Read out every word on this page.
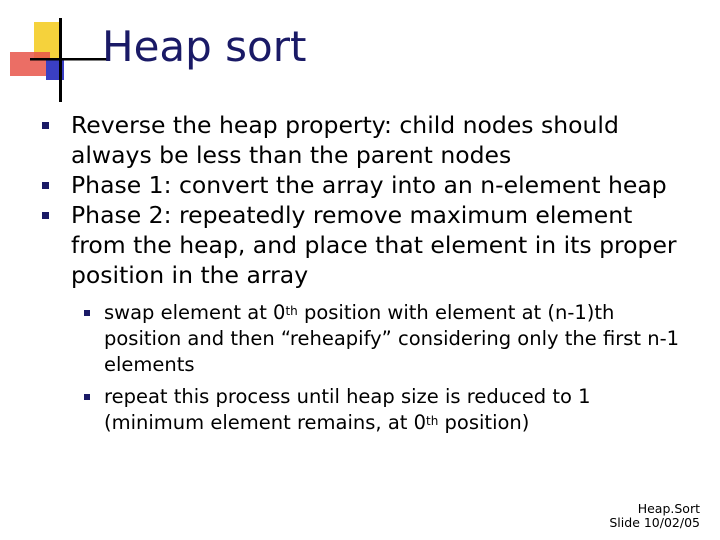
Heap sort

Reverse the heap property: child nodes should always be less than the parent nodes

Phase 1: convert the array into an n-element heap

Phase 2: repeatedly remove maximum element from the heap, and place that element in its proper position in the array

swap element at 0th position with element at (n-1)th position and then “reheapify” considering only the first n-1 elements

repeat this process until heap size is reduced to 1 (minimum element remains, at 0th position)

Heap.Sort
Slide 10/02/05
